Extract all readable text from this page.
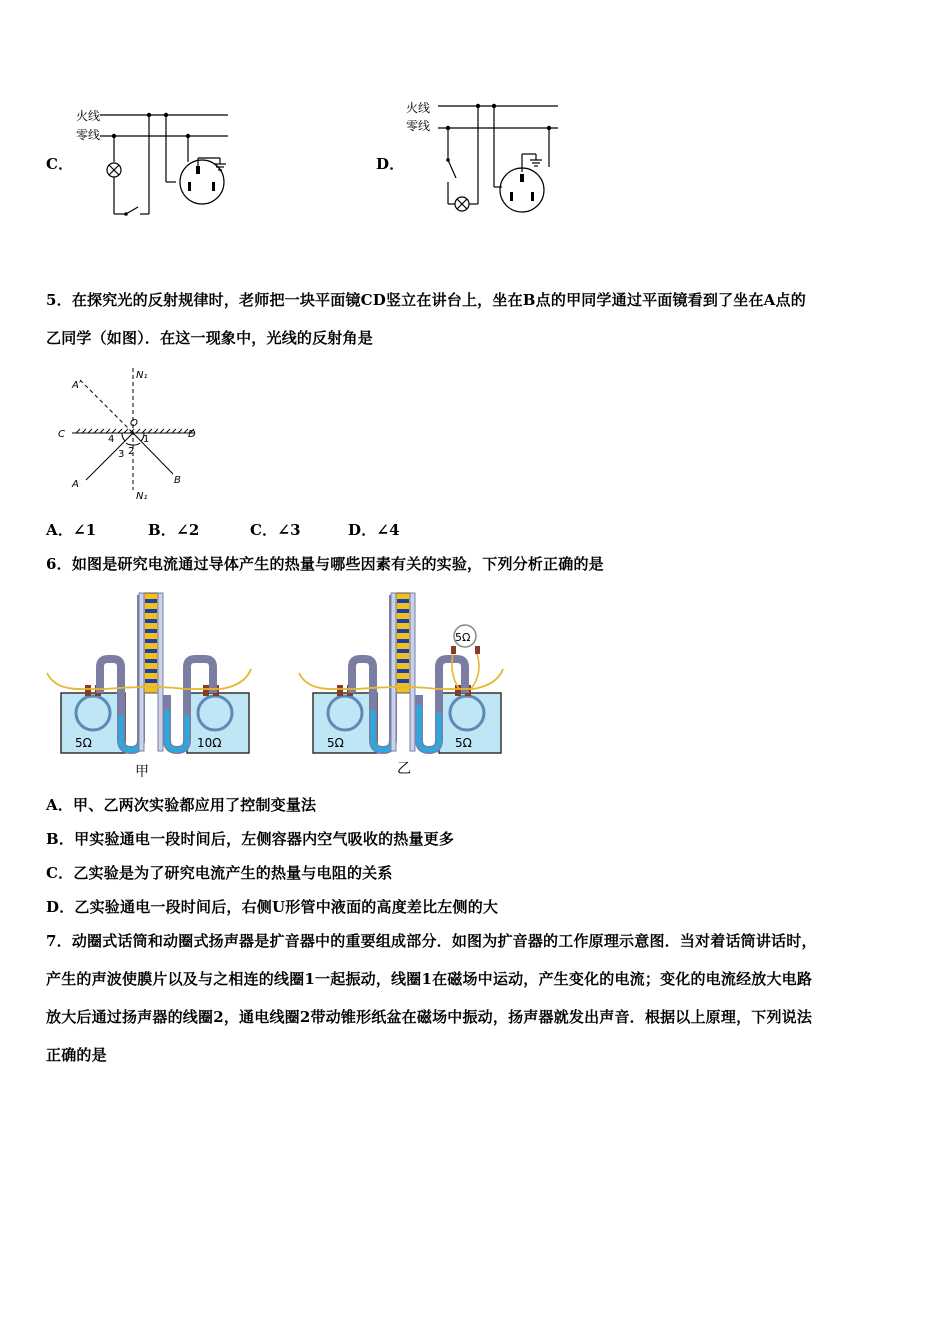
C．
火线
零线
D．
火线
零线
5．在探究光的反射规律时，老师把一块平面镜CD竖立在讲台上，坐在B点的甲同学通过平面镜看到了坐在A点的
乙同学（如图）．在这一现象中，光线的反射角是
N₁
N₁
A′
O
C	D
A	B
1
2
3
4
A．∠1	B．∠2	C．∠3	D．∠4
6．如图是研究电流通过导体产生的热量与哪些因素有关的实验，下列分析正确的是
5Ω	10Ω
甲
5Ω	5Ω
5Ω
乙
A．甲、乙两次实验都应用了控制变量法
B．甲实验通电一段时间后，左侧容器内空气吸收的热量更多
C．乙实验是为了研究电流产生的热量与电阻的关系
D．乙实验通电一段时间后，右侧U形管中液面的高度差比左侧的大
7．动圈式话筒和动圈式扬声器是扩音器中的重要组成部分．如图为扩音器的工作原理示意图．当对着话筒讲话时，
产生的声波使膜片以及与之相连的线圈1一起振动，线圈1在磁场中运动，产生变化的电流；变化的电流经放大电路
放大后通过扬声器的线圈2，通电线圈2带动锥形纸盆在磁场中振动，扬声器就发出声音．根据以上原理，下列说法
正确的是
